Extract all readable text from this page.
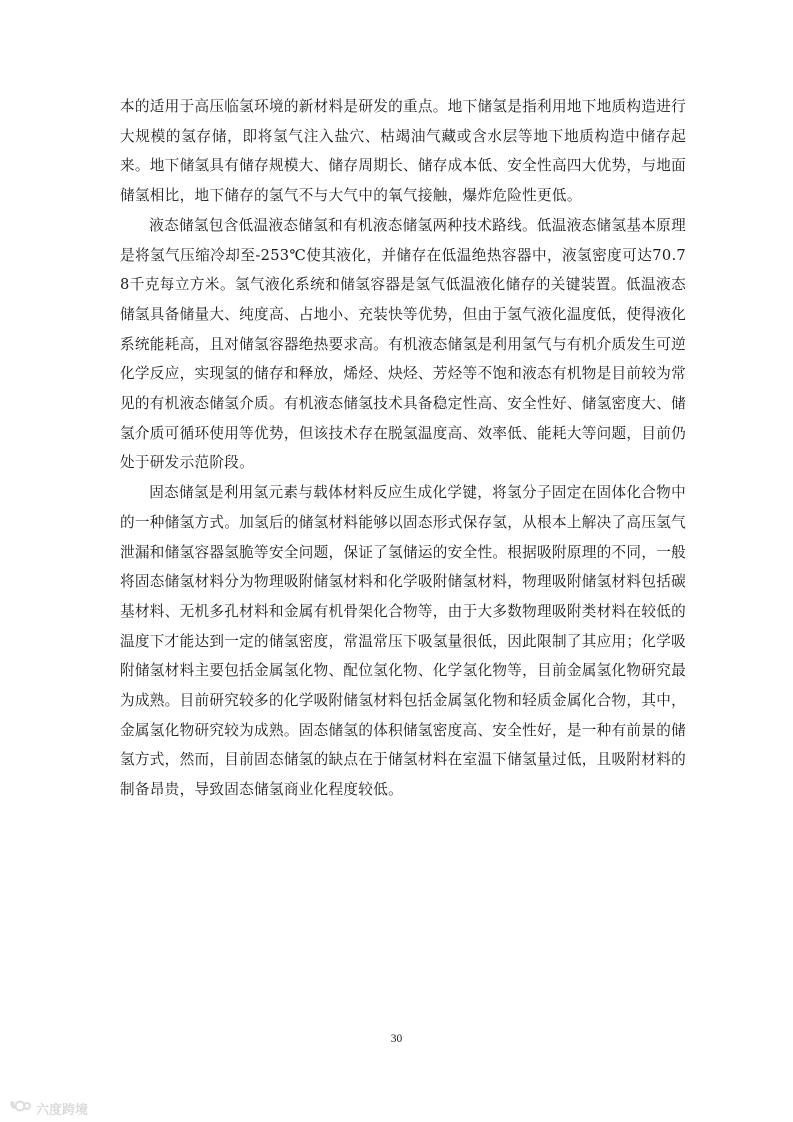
本的适用于高压临氢环境的新材料是研发的重点。地下储氢是指利用地下地质构造进行大规模的氢存储，即将氢气注入盐穴、枯竭油气藏或含水层等地下地质构造中储存起来。地下储氢具有储存规模大、储存周期长、储存成本低、安全性高四大优势，与地面储氢相比，地下储存的氢气不与大气中的氧气接触，爆炸危险性更低。

液态储氢包含低温液态储氢和有机液态储氢两种技术路线。低温液态储氢基本原理是将氢气压缩冷却至-253℃使其液化，并储存在低温绝热容器中，液氢密度可达70.78千克每立方米。氢气液化系统和储氢容器是氢气低温液化储存的关键装置。低温液态储氢具备储量大、纯度高、占地小、充装快等优势，但由于氢气液化温度低，使得液化系统能耗高，且对储氢容器绝热要求高。有机液态储氢是利用氢气与有机介质发生可逆化学反应，实现氢的储存和释放，烯烃、炔烃、芳烃等不饱和液态有机物是目前较为常见的有机液态储氢介质。有机液态储氢技术具备稳定性高、安全性好、储氢密度大、储氢介质可循环使用等优势，但该技术存在脱氢温度高、效率低、能耗大等问题，目前仍处于研发示范阶段。

固态储氢是利用氢元素与载体材料反应生成化学键，将氢分子固定在固体化合物中的一种储氢方式。加氢后的储氢材料能够以固态形式保存氢，从根本上解决了高压氢气泄漏和储氢容器氢脆等安全问题，保证了氢储运的安全性。根据吸附原理的不同，一般将固态储氢材料分为物理吸附储氢材料和化学吸附储氢材料，物理吸附储氢材料包括碳基材料、无机多孔材料和金属有机骨架化合物等，由于大多数物理吸附类材料在较低的温度下才能达到一定的储氢密度，常温常压下吸氢量很低，因此限制了其应用；化学吸附储氢材料主要包括金属氢化物、配位氢化物、化学氢化物等，目前金属氢化物研究最为成熟。目前研究较多的化学吸附储氢材料包括金属氢化物和轻质金属化合物，其中，金属氢化物研究较为成熟。固态储氢的体积储氢密度高、安全性好，是一种有前景的储氢方式，然而，目前固态储氢的缺点在于储氢材料在室温下储氢量过低，且吸附材料的制备昂贵，导致固态储氢商业化程度较低。

30
六度跨境
